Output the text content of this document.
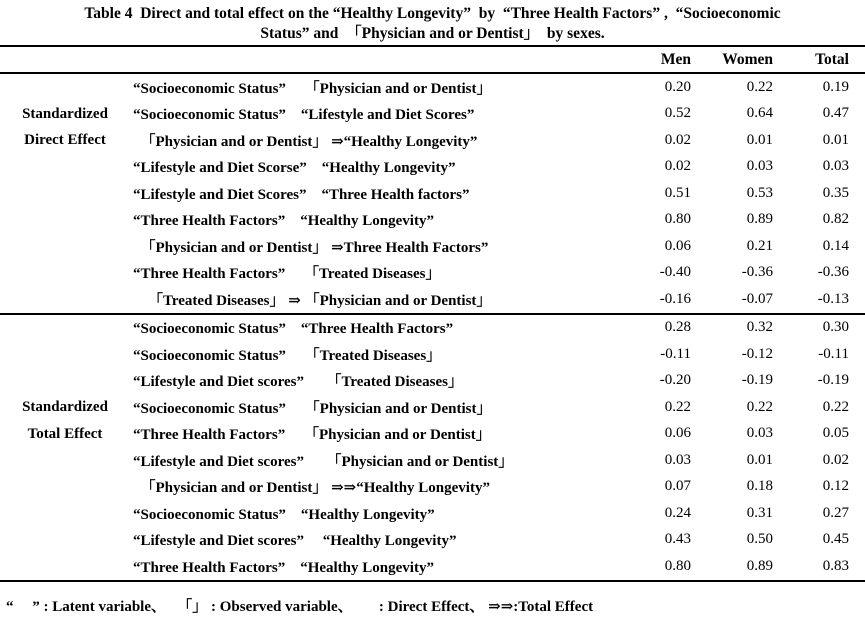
Table 4  Direct and total effect on the “Healthy Longevity”  by  “Three Health Factors” ,  “Socioeconomic
Status” and  「Physician and or Dentist」  by sexes.
Men	Women	Total
Standardized
Direct Effect
“Socioeconomic Status”　 「Physician and or Dentist」	0.20	0.22	0.19
“Socioeconomic Status”　“Lifestyle and Diet Scores”	0.52	0.64	0.47
「Physician and or Dentist」 ⇒“Healthy Longevity”	0.02	0.01	0.01
“Lifestyle and Diet Scorse”　“Healthy Longevity”	0.02	0.03	0.03
“Lifestyle and Diet Scores”　“Three Health factors”	0.51	0.53	0.35
“Three Health Factors”　“Healthy Longevity”	0.80	0.89	0.82
「Physician and or Dentist」 ⇒Three Health Factors”	0.06	0.21	0.14
“Three Health Factors”　 「Treated Diseases」	-0.40	-0.36	-0.36
「Treated Diseases」 ⇒ 「Physician and or Dentist」	-0.16	-0.07	-0.13
Standardized
Total Effect
“Socioeconomic Status”　“Three Health Factors”	0.28	0.32	0.30
“Socioeconomic Status”　 「Treated Diseases」	-0.11	-0.12	-0.11
“Lifestyle and Diet scores”　　「Treated Diseases」	-0.20	-0.19	-0.19
“Socioeconomic Status”　 「Physician and or Dentist」	0.22	0.22	0.22
“Three Health Factors”　 「Physician and or Dentist」	0.06	0.03	0.05
“Lifestyle and Diet scores”　　「Physician and or Dentist」	0.03	0.01	0.02
「Physician and or Dentist」 ⇒⇒“Healthy Longevity”	0.07	0.18	0.12
“Socioeconomic Status”　“Healthy Longevity”	0.24	0.31	0.27
“Lifestyle and Diet scores”　 “Healthy Longevity”	0.43	0.50	0.45
“Three Health Factors”　“Healthy Longevity”	0.80	0.89	0.83
“　 ” : Latent variable、　 「」 : Observed variable、　　 : Direct Effect、 ⇒⇒:Total Effect
